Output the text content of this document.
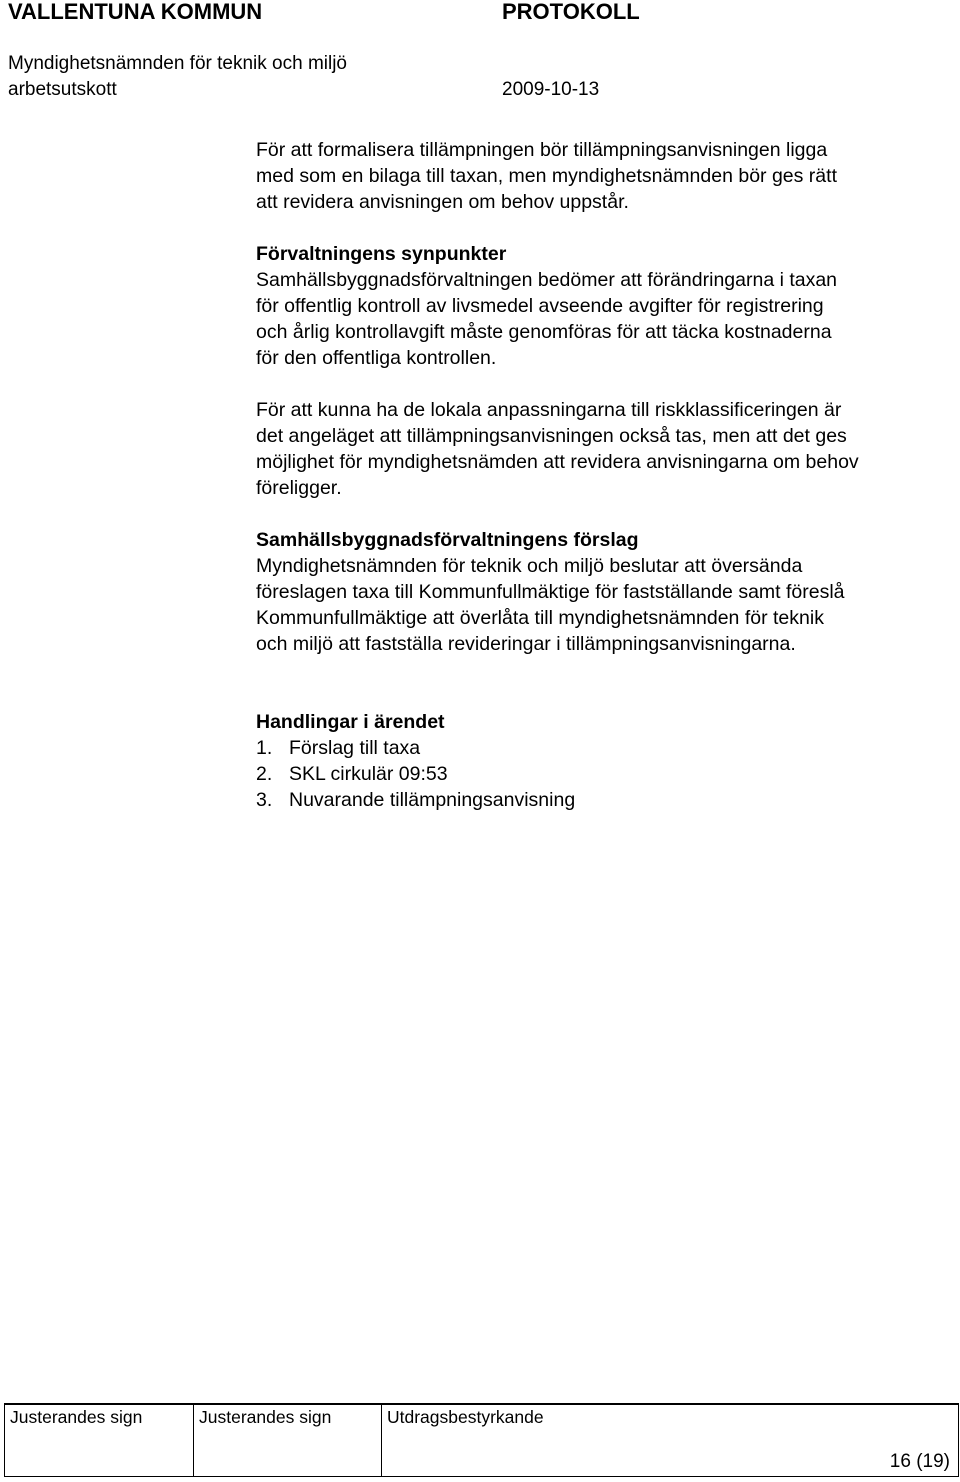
VALLENTUNA KOMMUN	PROTOKOLL
Myndighetsnämnden för teknik och miljö
arbetsutskott	2009-10-13

För att formalisera tillämpningen bör tillämpningsanvisningen ligga
med som en bilaga till taxan, men myndighetsnämnden bör ges rätt
att revidera anvisningen om behov uppstår.

Förvaltningens synpunkter

Samhällsbyggnadsförvaltningen bedömer att förändringarna i taxan
för offentlig kontroll av livsmedel avseende avgifter för registrering
och årlig kontrollavgift måste genomföras för att täcka kostnaderna
för den offentliga kontrollen.

För att kunna ha de lokala anpassningarna till riskklassificeringen är
det angeläget att tillämpningsanvisningen också tas, men att det ges
möjlighet för myndighetsnämden att revidera anvisningarna om behov
föreligger.

Samhällsbyggnadsförvaltningens förslag

Myndighetsnämnden för teknik och miljö beslutar att översända
föreslagen taxa till Kommunfullmäktige för fastställande samt föreslå
Kommunfullmäktige att överlåta till myndighetsnämnden för teknik
och miljö att fastställa revideringar i tillämpningsanvisningarna.

Handlingar i ärendet

1. Förslag till taxa
2. SKL cirkulär 09:53
3. Nuvarande tillämpningsanvisning
Justerandes sign	Justerandes sign	Utdragsbestyrkande
16 (19)
